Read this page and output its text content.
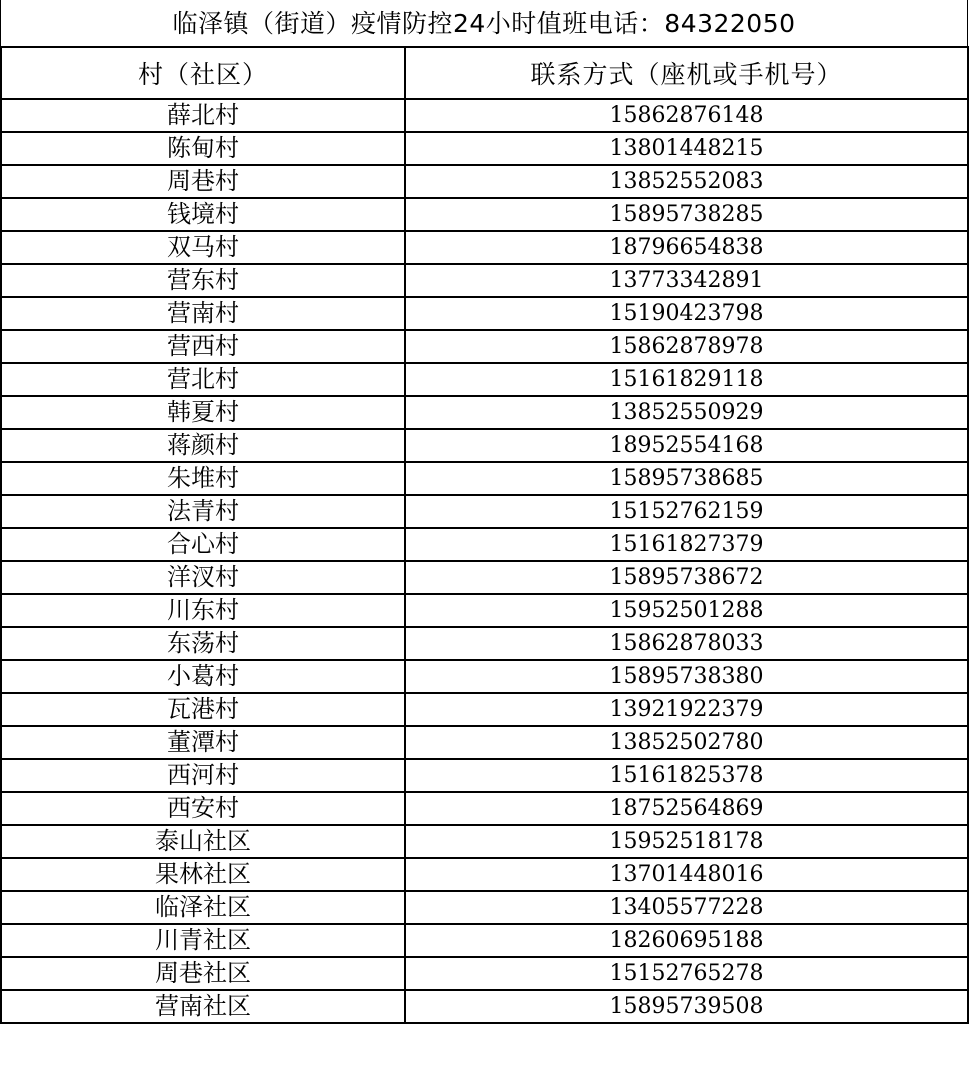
临泽镇（街道）疫情防控24小时值班电话：84322050
村（社区）	联系方式（座机或手机号）
薛北村	15862876148
陈甸村	13801448215
周巷村	13852552083
钱境村	15895738285
双马村	18796654838
营东村	13773342891
营南村	15190423798
营西村	15862878978
营北村	15161829118
韩夏村	13852550929
蒋颜村	18952554168
朱堆村	15895738685
法青村	15152762159
合心村	15161827379
洋汊村	15895738672
川东村	15952501288
东荡村	15862878033
小葛村	15895738380
瓦港村	13921922379
董潭村	13852502780
西河村	15161825378
西安村	18752564869
泰山社区	15952518178
果林社区	13701448016
临泽社区	13405577228
川青社区	18260695188
周巷社区	15152765278
营南社区	15895739508
